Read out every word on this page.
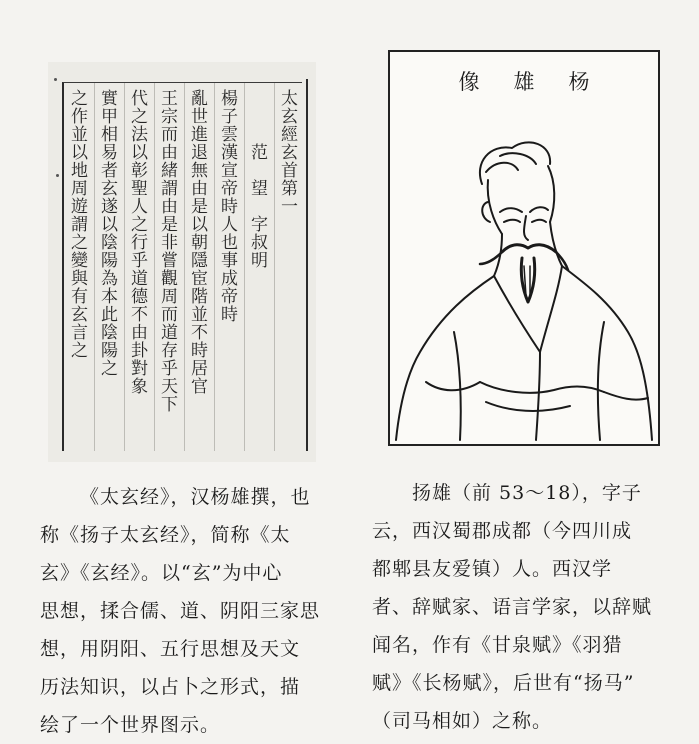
太玄經玄首第一
范　望　字叔明
楊子雲漢宣帝時人也事成帝時
亂世進退無由是以朝隱宦階並不時居官
王宗而由緒謂由是非嘗觀周而道存乎天下
代之法以彰聖人之行乎道德不由卦對象
實甲相易者玄遂以陰陽為本此陰陽之
之作並以地周遊謂之變與有玄言之
杨雄像

《太玄经》，汉杨雄撰，也

称《扬子太玄经》，简称《太

玄》《玄经》。以“玄”为中心

思想，揉合儒、道、阴阳三家思

想，用阴阳、五行思想及天文

历法知识，以占卜之形式，描

绘了一个世界图示。

扬雄（前 53～18），字子

云，西汉蜀郡成都（今四川成

都郫县友爱镇）人。西汉学

者、辞赋家、语言学家，以辞赋

闻名，作有《甘泉赋》《羽猎

赋》《长杨赋》，后世有“扬马”

（司马相如）之称。
